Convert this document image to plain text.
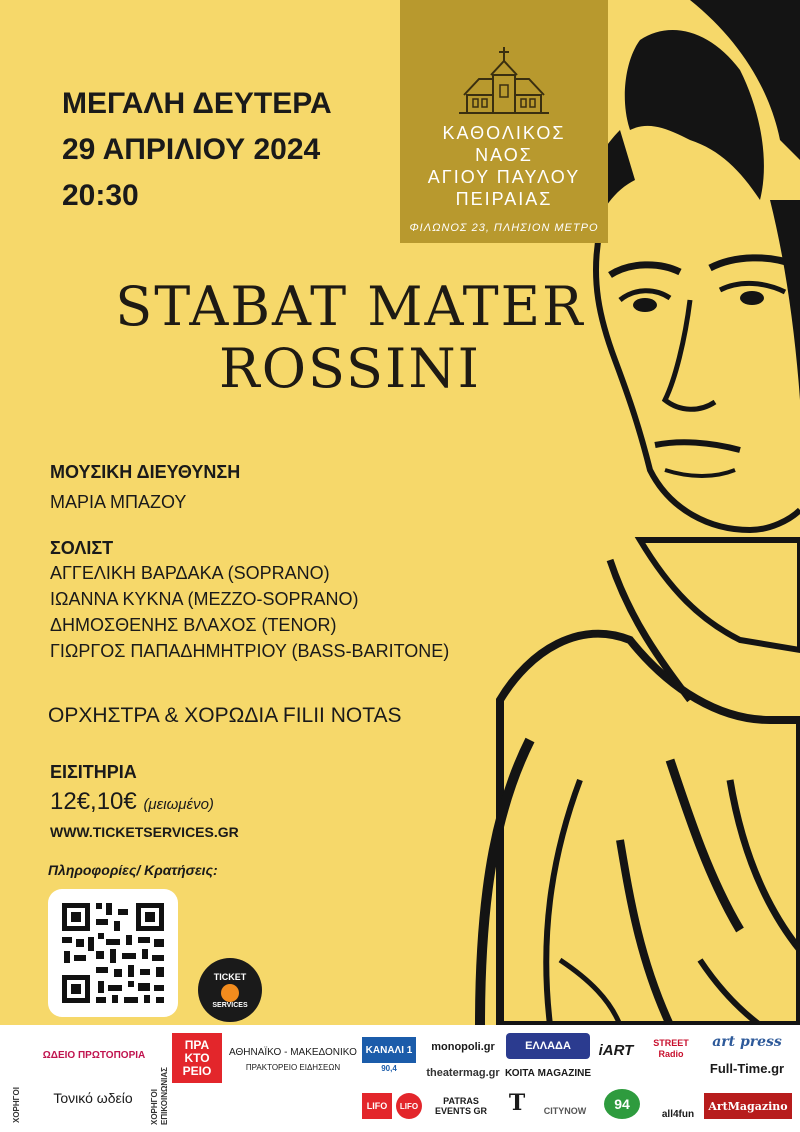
ΜΕΓΑΛΗ ΔΕΥΤΕΡΑ
29 ΑΠΡΙΛΙΟΥ 2024
20:30
ΚΑΘΟΛΙΚΟΣ
ΝΑΟΣ
ΑΓΙΟΥ ΠΑΥΛΟΥ
ΠΕΙΡΑΙΑΣ
ΦΙΛΩΝΟΣ 23, ΠΛΗΣΙΟΝ ΜΕΤΡΟ
STABAT MATER
ROSSINI
ΜΟΥΣΙΚΗ ΔΙΕΥΘΥΝΣΗ
ΜΑΡΙΑ ΜΠΑΖΟΥ
ΣΟΛΙΣΤ
ΑΓΓΕΛΙΚΗ ΒΑΡΔΑΚΑ (SOPRANO)
ΙΩΑΝΝΑ ΚΥΚΝΑ (MEZZO-SOPRANO)
ΔΗΜΟΣΘΕΝΗΣ ΒΛΑΧΟΣ (TENOR)
ΓΙΩΡΓΟΣ ΠΑΠΑΔΗΜΗΤΡΙΟΥ (BASS-BARITONE)
ΟΡΧΗΣΤΡΑ & ΧΟΡΩΔΙΑ FILII NOTAS
ΕΙΣΙΤΗΡΙΑ
12€,10€ (μειωμένο)
WWW.TICKETSERVICES.GR
Πληροφορίες/ Κρατήσεις:
TICKET
SERVICES
ΧΟΡΗΓΟΙ
ΩΔΕΙΟ ΠΡΩΤΟΠΟΡΙΑ
Τονικό ωδείο	ΧΟΡΗΓΟΙ ΕΠΙΚΟΙΝΩΝΙΑΣ
ΠΡΑ ΚΤΟ ΡΕΙΟ
ΑΘΗΝΑΪΚΟ - ΜΑΚΕΔΟΝΙΚΟ
ΠΡΑΚΤΟΡΕΙΟ ΕΙΔΗΣΕΩΝ
ΚΑΝΑΛΙ 1
90,4
monopoli.gr
theatermag.gr
ΕΛΛΑΔΑ
ΚΟΙΤΑ MAGAZINE
iART	STREET Radio
art press
Full-Time.gr
LIFO	LIFO	PATRAS EVENTS GR T	CITYNOW	94
all4fun
ArtMagazino
